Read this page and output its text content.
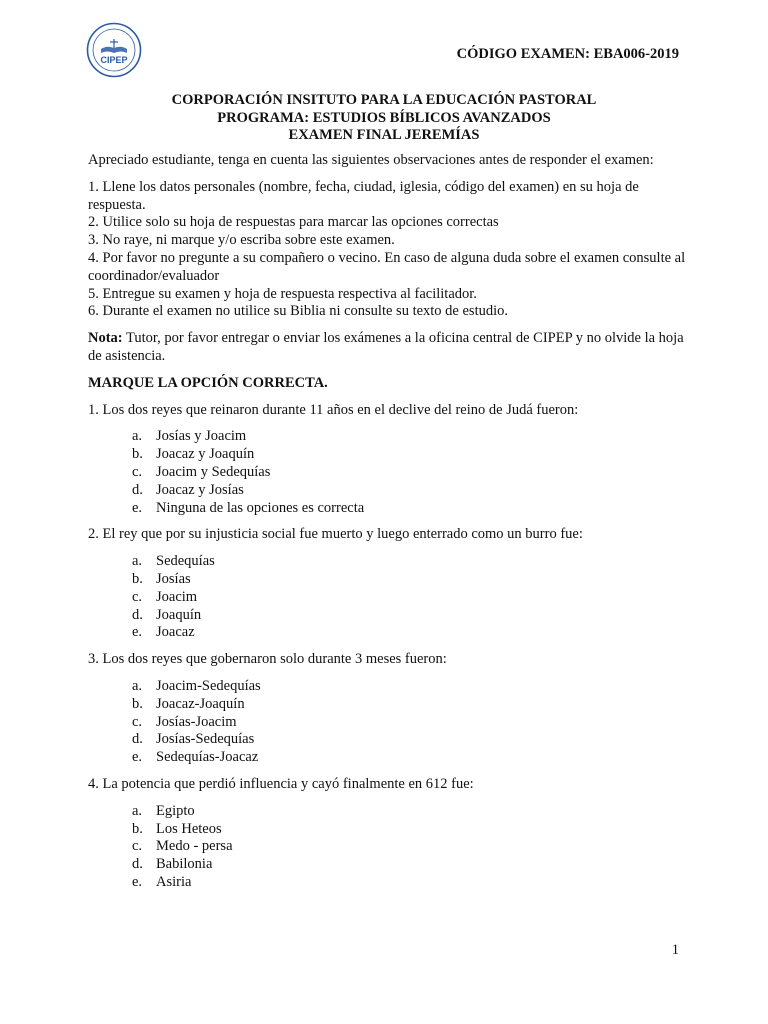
CIPEP	CÓDIGO EXAMEN: EBA006-2019
CORPORACIÓN INSITUTO PARA LA EDUCACIÓN PASTORAL
PROGRAMA: ESTUDIOS BÍBLICOS AVANZADOS
EXAMEN FINAL JEREMÍAS

Apreciado estudiante, tenga en cuenta las siguientes observaciones antes de responder el examen:

1. Llene los datos personales (nombre, fecha, ciudad, iglesia, código del examen) en su hoja de respuesta.

2. Utilice solo su hoja de respuestas para marcar las opciones correctas

3. No raye, ni marque y/o escriba sobre este examen.

4. Por favor no pregunte a su compañero o vecino. En caso de alguna duda sobre el examen consulte al coordinador/evaluador

5. Entregue su examen y hoja de respuesta respectiva al facilitador.

6. Durante el examen no utilice su Biblia ni consulte su texto de estudio.

Nota: Tutor, por favor entregar o enviar los exámenes a la oficina central de CIPEP y no olvide la hoja de asistencia.

MARQUE LA OPCIÓN CORRECTA.

1. Los dos reyes que reinaron durante 11 años en el declive del reino de Judá fueron:

a. Josías y Joacim
b. Joacaz y Joaquín
c. Joacim y Sedequías
d. Joacaz y Josías
e. Ninguna de las opciones es correcta

2. El rey que por su injusticia social fue muerto y luego enterrado como un burro fue:

a. Sedequías
b. Josías
c. Joacim
d. Joaquín
e. Joacaz

3. Los dos reyes que gobernaron solo durante 3 meses fueron:

a. Joacim-Sedequías
b. Joacaz-Joaquín
c. Josías-Joacim
d. Josías-Sedequías
e. Sedequías-Joacaz

4. La potencia que perdió influencia y cayó finalmente en 612 fue:

a. Egipto
b. Los Heteos
c. Medo - persa
d. Babilonia
e. Asiria
1
